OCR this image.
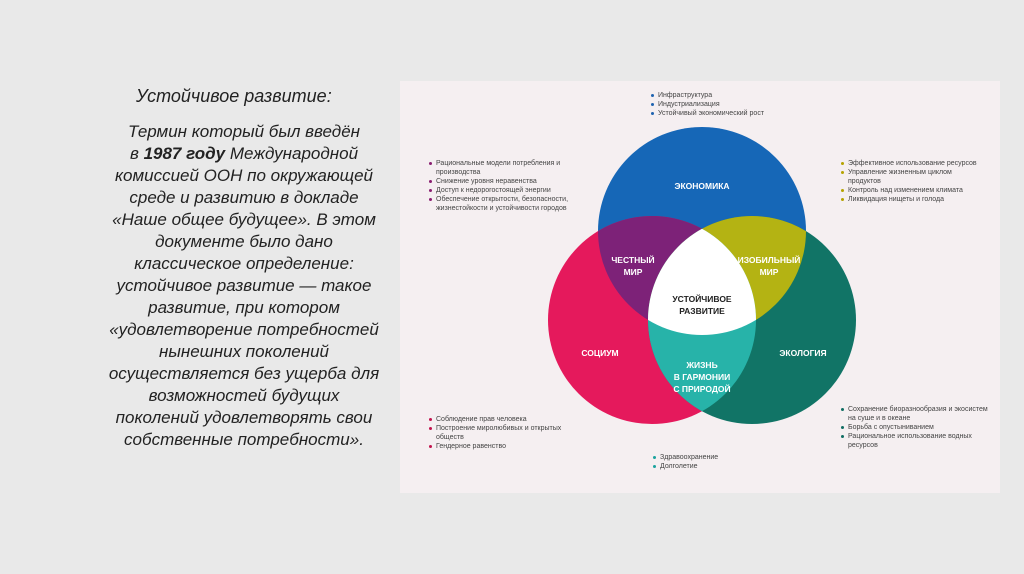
Устойчивое развитие:

Термин который был введён
в 1987 году Международной
комиссией ООН по окружающей
среде и развитию в докладе
«Наше общее будущее». В этом
документе было дано
классическое определение:
устойчивое развитие — такое
развитие, при котором
«удовлетворение потребностей
нынешних поколений
осуществляется без ущерба для
возможностей будущих
поколений удовлетворять свои
собственные потребности».

ЭКОНОМИКА
СОЦИУМ	ЭКОЛОГИЯ
ЧЕСТНЫЙ
МИР
ИЗОБИЛЬНЫЙ
МИР
УСТОЙЧИВОЕ
РАЗВИТИЕ
ЖИЗНЬ
В ГАРМОНИИ
С ПРИРОДОЙ
Инфраструктура
Индустриализация
Устойчивый экономический рост
Рациональные модели потребления и производства
Снижение уровня неравенства
Доступ к недорогостоящей энергии
Обеспечение открытости, безопасности, жизнестойкости и устойчивости городов
Эффективное использование ресурсов
Управление жизненным циклом продуктов
Контроль над изменением климата
Ликвидация нищеты и голода
Соблюдение прав человека
Построение миролюбивых и открытых обществ
Гендерное равенство
Здравоохранение
Долголетие
Сохранение биоразнообразия и экосистем на суше и в океане
Борьба с опустыниванием
Рациональное использование водных ресурсов
